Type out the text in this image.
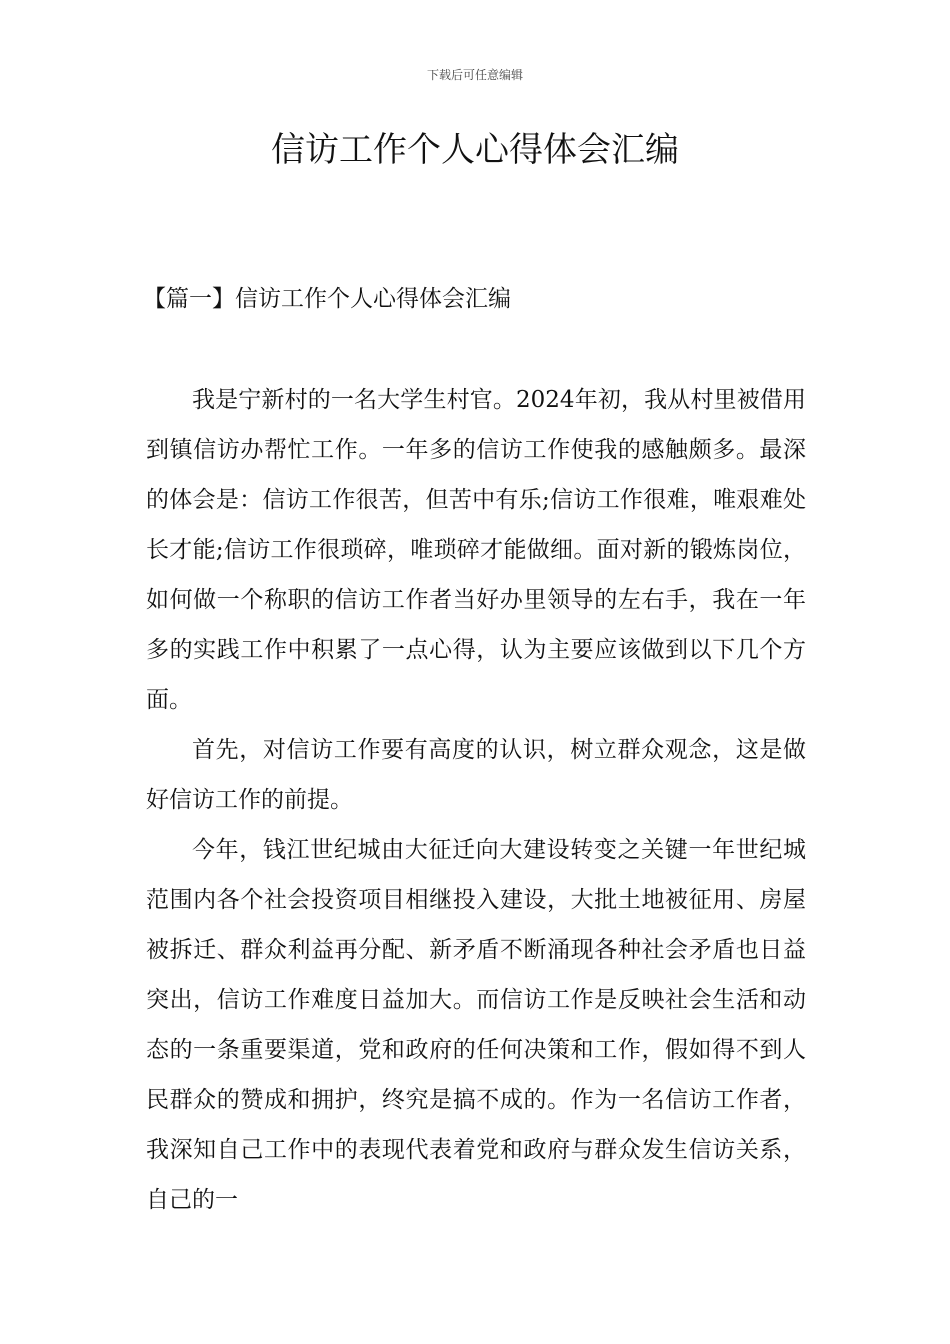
下载后可任意编辑
信访工作个人心得体会汇编
【篇一】信访工作个人心得体会汇编

我是宁新村的一名大学生村官。2024年初，我从村里被借用到镇信访办帮忙工作。一年多的信访工作使我的感触颇多。最深的体会是：信访工作很苦，但苦中有乐;信访工作很难，唯艰难处长才能;信访工作很琐碎，唯琐碎才能做细。面对新的锻炼岗位，如何做一个称职的信访工作者当好办里领导的左右手，我在一年多的实践工作中积累了一点心得，认为主要应该做到以下几个方面。

首先，对信访工作要有高度的认识，树立群众观念，这是做好信访工作的前提。

今年，钱江世纪城由大征迁向大建设转变之关键一年世纪城范围内各个社会投资项目相继投入建设，大批土地被征用、房屋被拆迁、群众利益再分配、新矛盾不断涌现各种社会矛盾也日益突出，信访工作难度日益加大。而信访工作是反映社会生活和动态的一条重要渠道，党和政府的任何决策和工作，假如得不到人民群众的赞成和拥护，终究是搞不成的。作为一名信访工作者，我深知自己工作中的表现代表着党和政府与群众发生信访关系，自己的一
